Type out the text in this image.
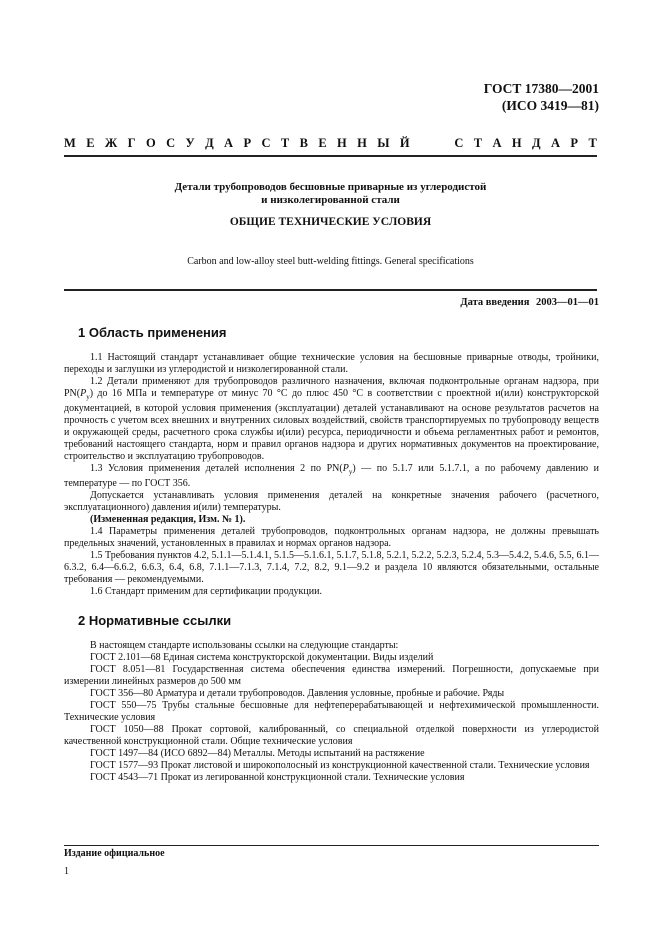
ГОСТ 17380—2001
(ИСО 3419—81)
М Е Ж Г О С У Д А Р С Т В Е Н Н Ы Й	С Т А Н Д А Р Т
Детали трубопроводов бесшовные приварные из углеродистой
и низколегированной стали
ОБЩИЕ ТЕХНИЧЕСКИЕ УСЛОВИЯ
Carbon and low-alloy steel butt-welding fittings. General specifications
Дата введения 2003—01—01
1 Область применения

1.1 Настоящий стандарт устанавливает общие технические условия на бесшовные приварные отводы, тройники, переходы и заглушки из углеродистой и низколегированной стали.

1.2 Детали применяют для трубопроводов различного назначения, включая подконтрольные органам надзора, при $PN(P_y)$ до 16 МПа и температуре от минус 70 °С до плюс 450 °С в соответствии с проектной и(или) конструкторской документацией, в которой условия применения (эксплуатации) деталей устанавливают на основе результатов расчетов на прочность с учетом всех внешних и внутренних силовых воздействий, свойств транспортируемых по трубопроводу веществ и окружающей среды, расчетного срока службы и(или) ресурса, периодичности и объема регламентных работ и ремонтов, требований настоящего стандарта, норм и правил органов надзора и других нормативных документов на проектирование, строительство и эксплуатацию трубопроводов.

1.3 Условия применения деталей исполнения 2 по $PN(P_y)$ — по 5.1.7 или 5.1.7.1, а по рабочему давлению и температуре — по ГОСТ 356.

Допускается устанавливать условия применения деталей на конкретные значения рабочего (расчетного, эксплуатационного) давления и(или) температуры.

(Измененная редакция, Изм. № 1).

1.4 Параметры применения деталей трубопроводов, подконтрольных органам надзора, не должны превышать предельных значений, установленных в правилах и нормах органов надзора.

1.5 Требования пунктов 4.2, 5.1.1—5.1.4.1, 5.1.5—5.1.6.1, 5.1.7, 5.1.8, 5.2.1, 5.2.2, 5.2.3, 5.2.4, 5.3—5.4.2, 5.4.6, 5.5, 6.1—6.3.2, 6.4—6.6.2, 6.6.3, 6.4, 6.8, 7.1.1—7.1.3, 7.1.4, 7.2, 8.2, 9.1—9.2 и раздела 10 являются обязательными, остальные требования — рекомендуемыми.

1.6 Стандарт применим для сертификации продукции.

2 Нормативные ссылки

В настоящем стандарте использованы ссылки на следующие стандарты:

ГОСТ 2.101—68 Единая система конструкторской документации. Виды изделий

ГОСТ 8.051—81 Государственная система обеспечения единства измерений. Погрешности, допускаемые при измерении линейных размеров до 500 мм

ГОСТ 356—80 Арматура и детали трубопроводов. Давления условные, пробные и рабочие. Ряды

ГОСТ 550—75 Трубы стальные бесшовные для нефтеперерабатывающей и нефтехимической промышленности. Технические условия

ГОСТ 1050—88 Прокат сортовой, калиброванный, со специальной отделкой поверхности из углеродистой качественной конструкционной стали. Общие технические условия

ГОСТ 1497—84 (ИСО 6892—84) Металлы. Методы испытаний на растяжение

ГОСТ 1577—93 Прокат листовой и широкополосный из конструкционной качественной стали. Технические условия

ГОСТ 4543—71 Прокат из легированной конструкционной стали. Технические условия

Издание официальное
1
